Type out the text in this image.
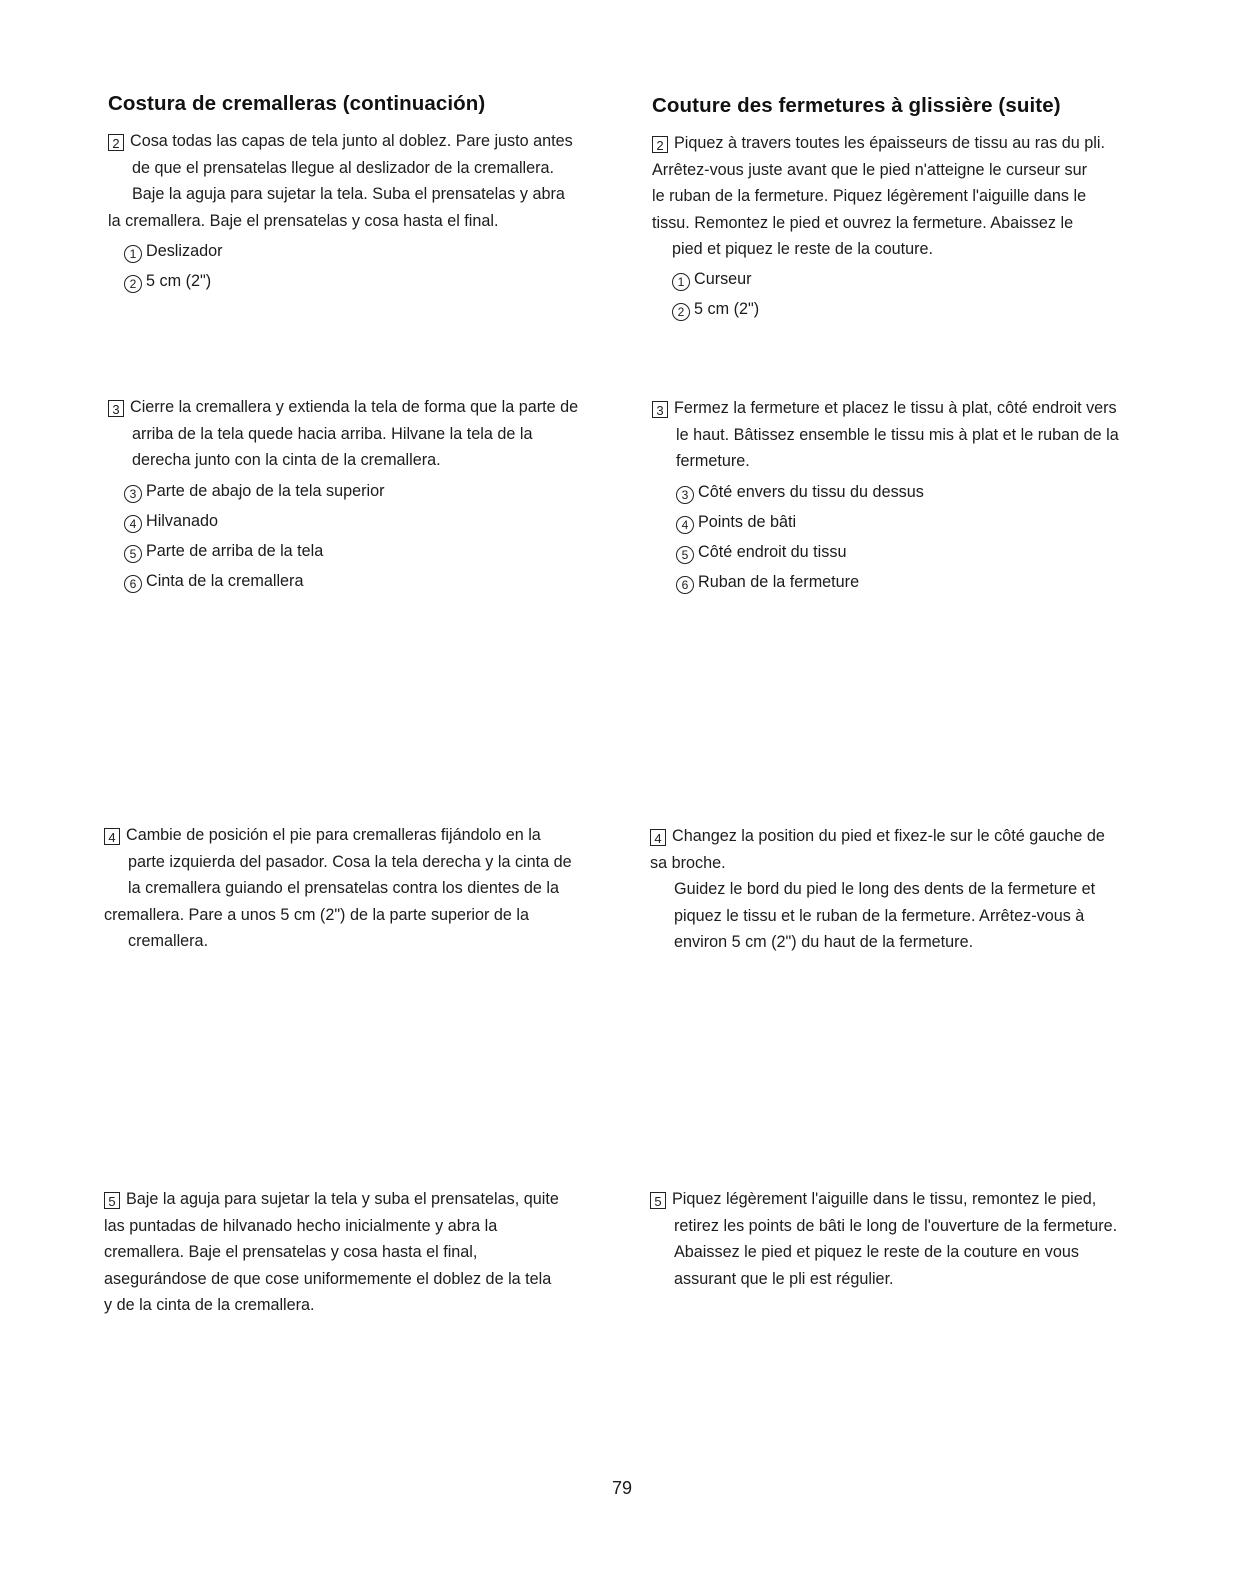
Costura de cremalleras (continuación)
2 Cosa todas las capas de tela junto al doblez. Pare justo antes
de que el prensatelas llegue al deslizador de la cremallera.
Baje la aguja para sujetar la tela. Suba el prensatelas y abra
la cremallera. Baje el prensatelas y cosa hasta el final.
1 Deslizador
2 5 cm (2")
3 Cierre la cremallera y extienda la tela de forma que la parte de
arriba de la tela quede hacia arriba. Hilvane la tela de la
derecha junto con la cinta de la cremallera.
3 Parte de abajo de la tela superior
4 Hilvanado
5 Parte de arriba de la tela
6 Cinta de la cremallera
4 Cambie de posición el pie para cremalleras fijándolo en la
parte izquierda del pasador. Cosa la tela derecha y la cinta de
la cremallera guiando el prensatelas contra los dientes de la
cremallera. Pare a unos 5 cm (2") de la parte superior de la
cremallera.
5 Baje la aguja para sujetar la tela y suba el prensatelas, quite
las puntadas de hilvanado hecho inicialmente y abra la
cremallera. Baje el prensatelas y cosa hasta el final,
asegurándose de que cose uniformemente el doblez de la tela
y de la cinta de la cremallera.
Couture des fermetures à glissière (suite)
2 Piquez à travers toutes les épaisseurs de tissu au ras du pli.
Arrêtez-vous juste avant que le pied n'atteigne le curseur sur
le ruban de la fermeture. Piquez légèrement l'aiguille dans le
tissu. Remontez le pied et ouvrez la fermeture. Abaissez le
pied et piquez le reste de la couture.
1 Curseur
2 5 cm (2")
3 Fermez la fermeture et placez le tissu à plat, côté endroit vers
le haut. Bâtissez ensemble le tissu mis à plat et le ruban de la
fermeture.
3 Côté envers du tissu du dessus
4 Points de bâti
5 Côté endroit du tissu
6 Ruban de la fermeture
4 Changez la position du pied et fixez-le sur le côté gauche de
sa broche.
Guidez le bord du pied le long des dents de la fermeture et
piquez le tissu et le ruban de la fermeture. Arrêtez-vous à
environ 5 cm (2") du haut de la fermeture.
5 Piquez légèrement l'aiguille dans le tissu, remontez le pied,
retirez les points de bâti le long de l'ouverture de la fermeture.
Abaissez le pied et piquez le reste de la couture en vous
assurant que le pli est régulier.
79
